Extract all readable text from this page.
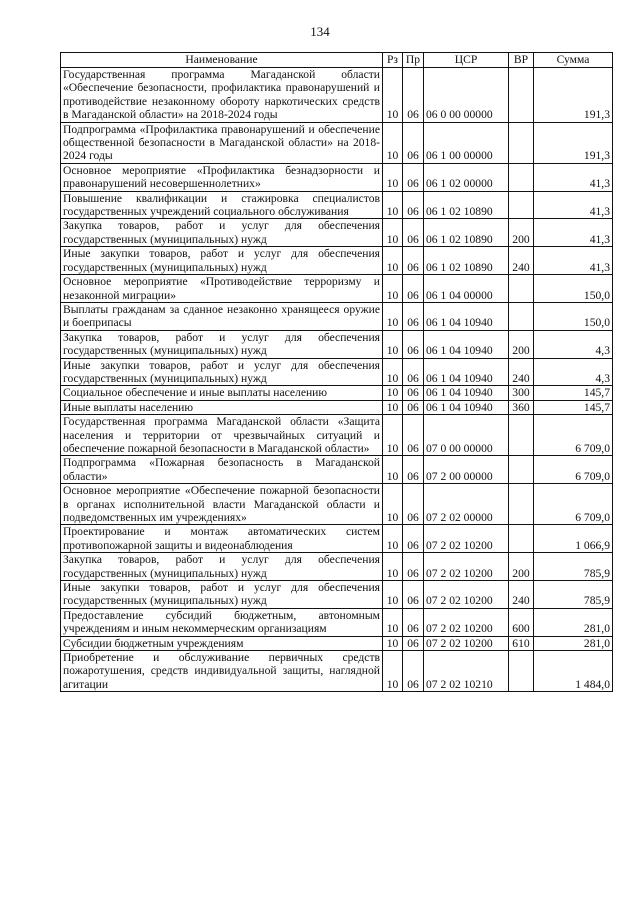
134
Наименование	Рз	Пр	ЦСР	ВР	Сумма
Государственная программа Магаданской области «Обеспечение безопасности, профилактика правонарушений и противодействие незаконному обороту наркотических средств в Магаданской области» на 2018-2024 годы	10	06	06 0 00 00000		191,3
Подпрограмма «Профилактика правонарушений и обеспечение общественной безопасности в Магаданской области» на 2018-2024 годы	10	06	06 1 00 00000		191,3
Основное мероприятие «Профилактика безнадзорности и правонарушений несовершеннолетних»	10	06	06 1 02 00000		41,3
Повышение квалификации и стажировка специалистов государственных учреждений социального обслуживания	10	06	06 1 02 10890		41,3
Закупка товаров, работ и услуг для обеспечения государственных (муниципальных) нужд	10	06	06 1 02 10890	200	41,3
Иные закупки товаров, работ и услуг для обеспечения государственных (муниципальных) нужд	10	06	06 1 02 10890	240	41,3
Основное мероприятие «Противодействие терроризму и незаконной миграции»	10	06	06 1 04 00000		150,0
Выплаты гражданам за сданное незаконно хранящееся оружие и боеприпасы	10	06	06 1 04 10940		150,0
Закупка товаров, работ и услуг для обеспечения государственных (муниципальных) нужд	10	06	06 1 04 10940	200	4,3
Иные закупки товаров, работ и услуг для обеспечения государственных (муниципальных) нужд	10	06	06 1 04 10940	240	4,3
Социальное обеспечение и иные выплаты населению	10	06	06 1 04 10940	300	145,7
Иные выплаты населению	10	06	06 1 04 10940	360	145,7
Государственная программа Магаданской области «Защита населения и территории от чрезвычайных ситуаций и обеспечение пожарной безопасности в Магаданской области»	10	06	07 0 00 00000		6 709,0
Подпрограмма «Пожарная безопасность в Магаданской области»	10	06	07 2 00 00000		6 709,0
Основное мероприятие «Обеспечение пожарной безопасности в органах исполнительной власти Магаданской области и подведомственных им учреждениях»	10	06	07 2 02 00000		6 709,0
Проектирование и монтаж автоматических систем противопожарной защиты и видеонаблюдения	10	06	07 2 02 10200		1 066,9
Закупка товаров, работ и услуг для обеспечения государственных (муниципальных) нужд	10	06	07 2 02 10200	200	785,9
Иные закупки товаров, работ и услуг для обеспечения государственных (муниципальных) нужд	10	06	07 2 02 10200	240	785,9
Предоставление субсидий бюджетным, автономным учреждениям и иным некоммерческим организациям	10	06	07 2 02 10200	600	281,0
Субсидии бюджетным учреждениям	10	06	07 2 02 10200	610	281,0
Приобретение и обслуживание первичных средств пожаротушения, средств индивидуальной защиты, наглядной агитации	10	06	07 2 02 10210		1 484,0
